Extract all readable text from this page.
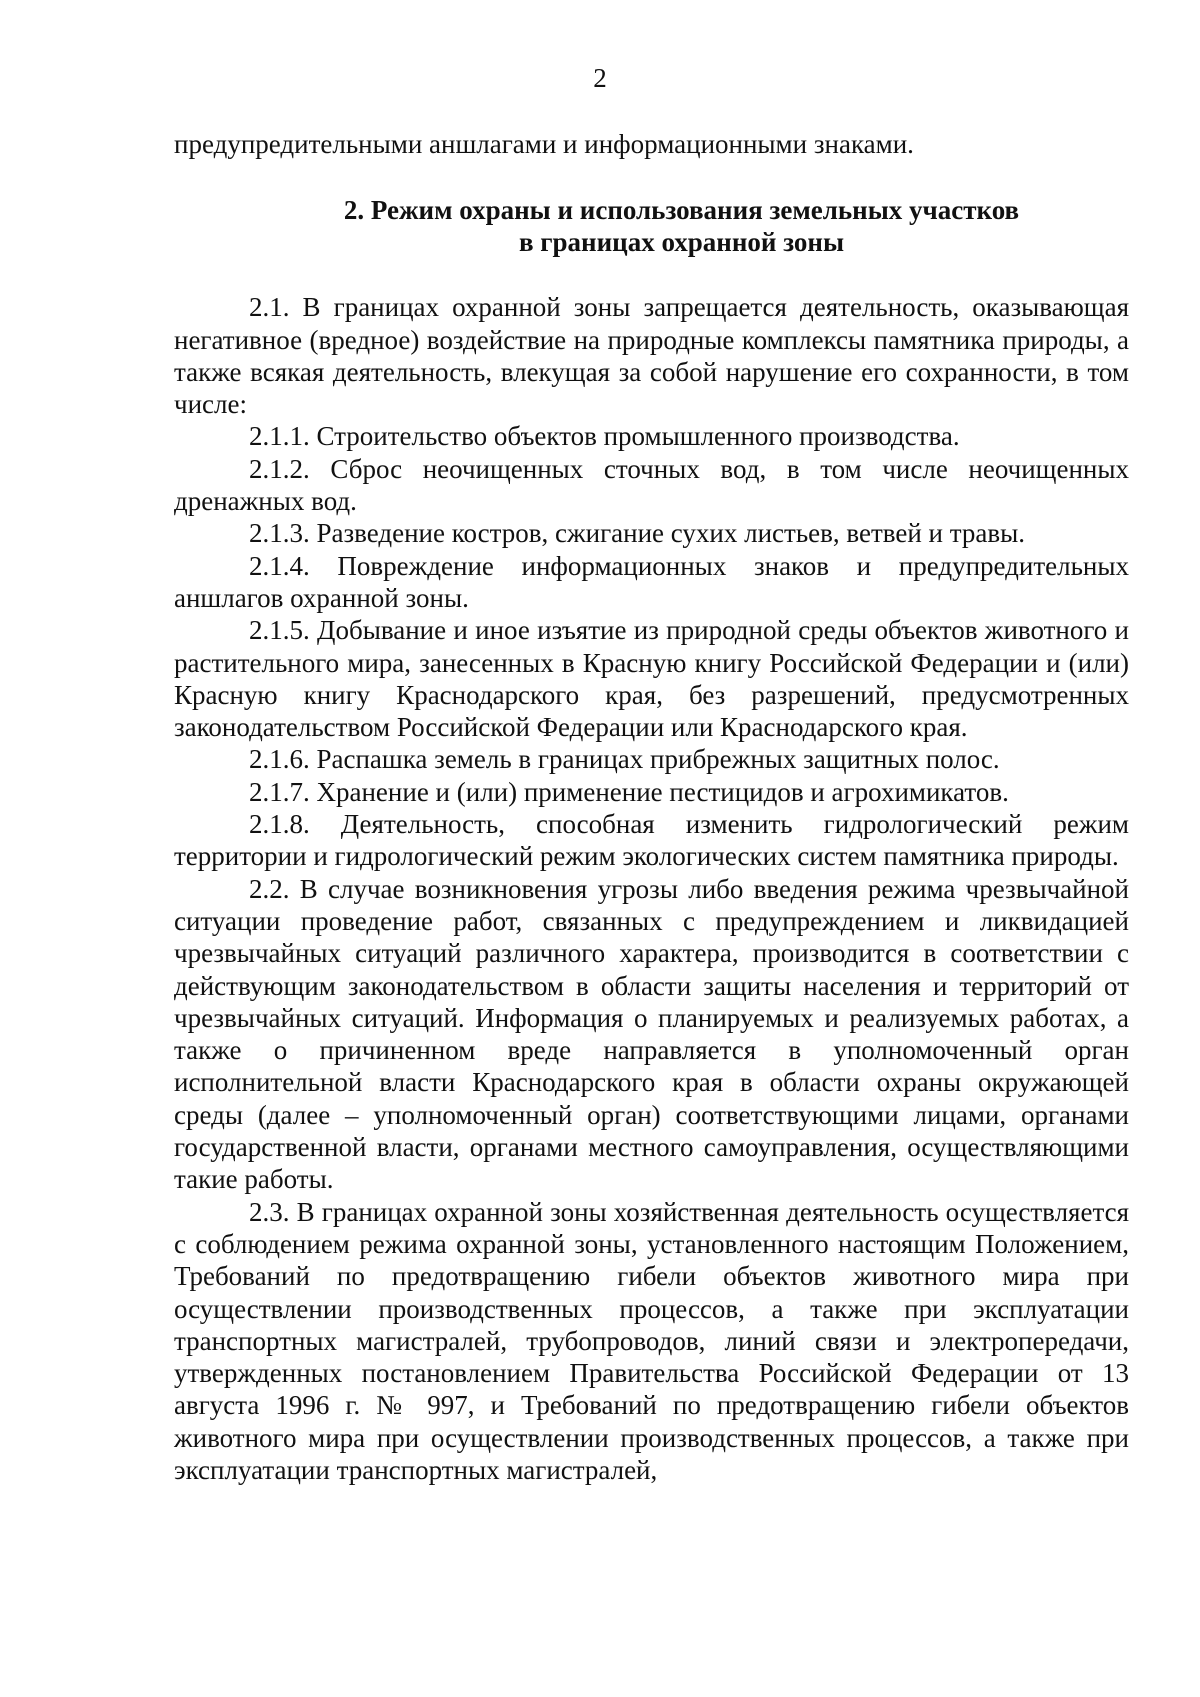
2

предупредительными аншлагами и информационными знаками.

2. Режим охраны и использования земельных участков
в границах охранной зоны

2.1. В границах охранной зоны запрещается деятельность, оказывающая негативное (вредное) воздействие на природные комплексы памятника природы, а также всякая деятельность, влекущая за собой нарушение его сохранности, в том числе:

2.1.1. Строительство объектов промышленного производства.

2.1.2. Сброс неочищенных сточных вод, в том числе неочищенных дренажных вод.

2.1.3. Разведение костров, сжигание сухих листьев, ветвей и травы.

2.1.4. Повреждение информационных знаков и предупредительных аншлагов охранной зоны.

2.1.5. Добывание и иное изъятие из природной среды объектов животного и растительного мира, занесенных в Красную книгу Российской Федерации и (или) Красную книгу Краснодарского края, без разрешений, предусмотренных законодательством Российской Федерации или Краснодарского края.

2.1.6. Распашка земель в границах прибрежных защитных полос.

2.1.7. Хранение и (или) применение пестицидов и агрохимикатов.

2.1.8. Деятельность, способная изменить гидрологический режим территории и гидрологический режим экологических систем памятника природы.

2.2. В случае возникновения угрозы либо введения режима чрезвычайной ситуации проведение работ, связанных с предупреждением и ликвидацией чрезвычайных ситуаций различного характера, производится в соответствии с действующим законодательством в области защиты населения и территорий от чрезвычайных ситуаций. Информация о планируемых и реализуемых работах, а также о причиненном вреде направляется в уполномоченный орган исполнительной власти Краснодарского края в области охраны окружающей среды (далее – уполномоченный орган) соответствующими лицами, органами государственной власти, органами местного самоуправления, осуществляющими такие работы.

2.3. В границах охранной зоны хозяйственная деятельность осуществляется с соблюдением режима охранной зоны, установленного настоящим Положением, Требований по предотвращению гибели объектов животного мира при осуществлении производственных процессов, а также при эксплуатации транспортных магистралей, трубопроводов, линий связи и электропередачи, утвержденных постановлением Правительства Российской Федерации от 13 августа 1996 г. № 997, и Требований по предотвращению гибели объектов животного мира при осуществлении производственных процессов, а также при эксплуатации транспортных магистралей,
